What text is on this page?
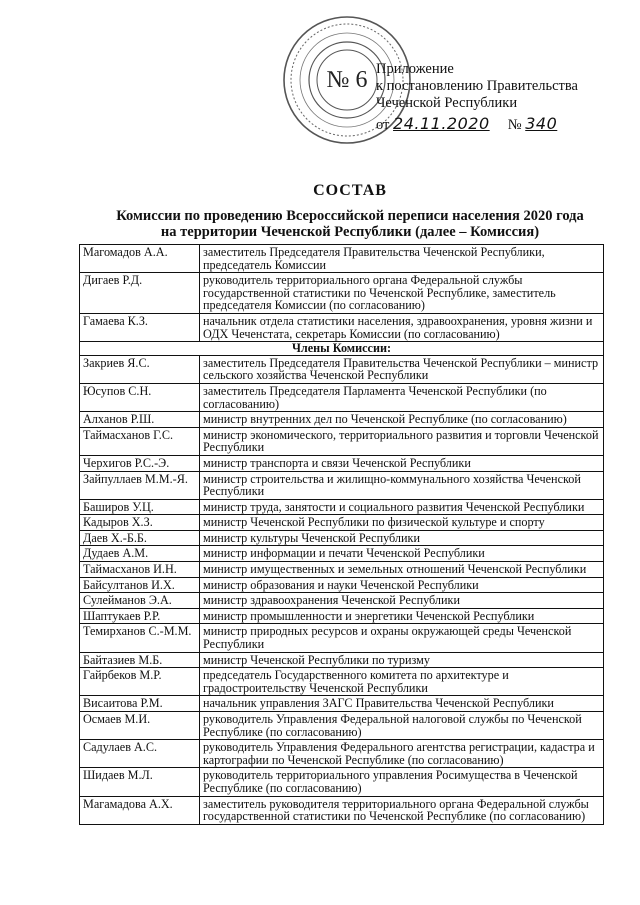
№ 6 Приложение
к постановлению Правительства
Чеченской Республики
от 24.11.2020 № 340
СОСТАВ
Комиссии по проведению Всероссийской переписи населения 2020 года
на территории Чеченской Республики (далее – Комиссия)
Магомадов А.А.	заместитель Председателя Правительства Чеченской Республики, председатель Комиссии
Дигаев Р.Д.	руководитель территориального органа Федеральной службы государственной статистики по Чеченской Республике, заместитель председателя Комиссии (по согласованию)
Гамаева К.З.	начальник отдела статистики населения, здравоохранения, уровня жизни и ОДХ Чеченстата, секретарь Комиссии (по согласованию)
Члены Комиссии:	
Закриев Я.С.	заместитель Председателя Правительства Чеченской Республики – министр сельского хозяйства Чеченской Республики
Юсупов С.Н.	заместитель Председателя Парламента Чеченской Республики (по согласованию)
Алханов Р.Ш.	министр внутренних дел по Чеченской Республике (по согласованию)
Таймасханов Г.С.	министр экономического, территориального развития и торговли Чеченской Республики
Черхигов Р.С.-Э.	министр транспорта и связи Чеченской Республики
Зайпуллаев М.М.-Я.	министр строительства и жилищно-коммунального хозяйства Чеченской Республики
Баширов У.Ц.	министр труда, занятости и социального развития Чеченской Республики
Кадыров Х.З.	министр Чеченской Республики по физической культуре и спорту
Даев Х.-Б.Б.	министр культуры Чеченской Республики
Дудаев А.М.	министр информации и печати Чеченской Республики
Таймасханов И.Н.	министр имущественных и земельных отношений Чеченской Республики
Байсултанов И.Х.	министр образования и науки Чеченской Республики
Сулейманов Э.А.	министр здравоохранения Чеченской Республики
Шаптукаев Р.Р.	министр промышленности и энергетики Чеченской Республики
Темирханов С.-М.М.	министр природных ресурсов и охраны окружающей среды Чеченской Республики
Байтазиев М.Б.	министр Чеченской Республики по туризму
Гайрбеков М.Р.	председатель Государственного комитета по архитектуре и градостроительству Чеченской Республики
Висаитова Р.М.	начальник управления ЗАГС Правительства Чеченской Республики
Осмаев М.И.	руководитель Управления Федеральной налоговой службы по Чеченской Республике (по согласованию)
Садулаев А.С.	руководитель Управления Федерального агентства регистрации, кадастра и картографии по Чеченской Республике (по согласованию)
Шидаев М.Л.	руководитель территориального управления Росимущества в Чеченской Республике (по согласованию)
Магамадова А.Х.	заместитель руководителя территориального органа Федеральной службы государственной статистики по Чеченской Республике (по согласованию)
